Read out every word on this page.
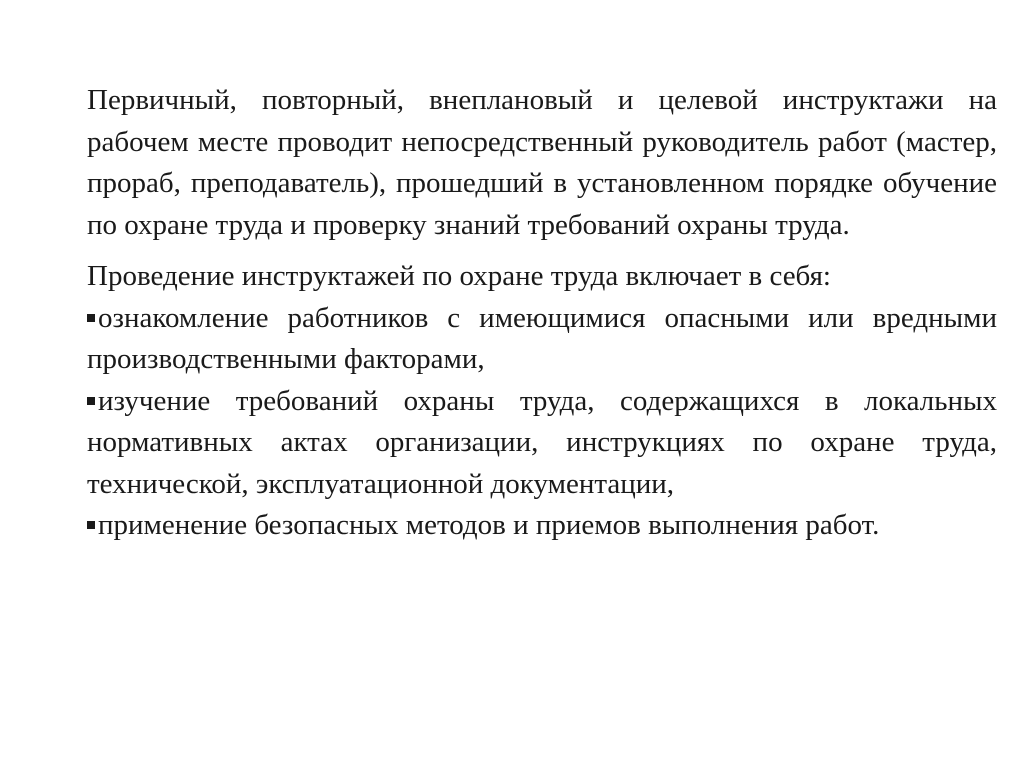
Первичный, повторный, внеплановый и целевой инструктажи на рабочем месте проводит непосредственный руководитель работ (мастер, прораб, преподаватель), прошедший в установленном порядке обучение по охране труда и проверку знаний требований охраны труда.

Проведение инструктажей по охране труда включает в себя:

ознакомление работников с имеющимися опасными или вредными производственными факторами,
изучение требований охраны труда, содержащихся в локальных нормативных актах организации, инструкциях по охране труда, технической, эксплуатационной документации,
применение безопасных методов и приемов выполнения работ.
